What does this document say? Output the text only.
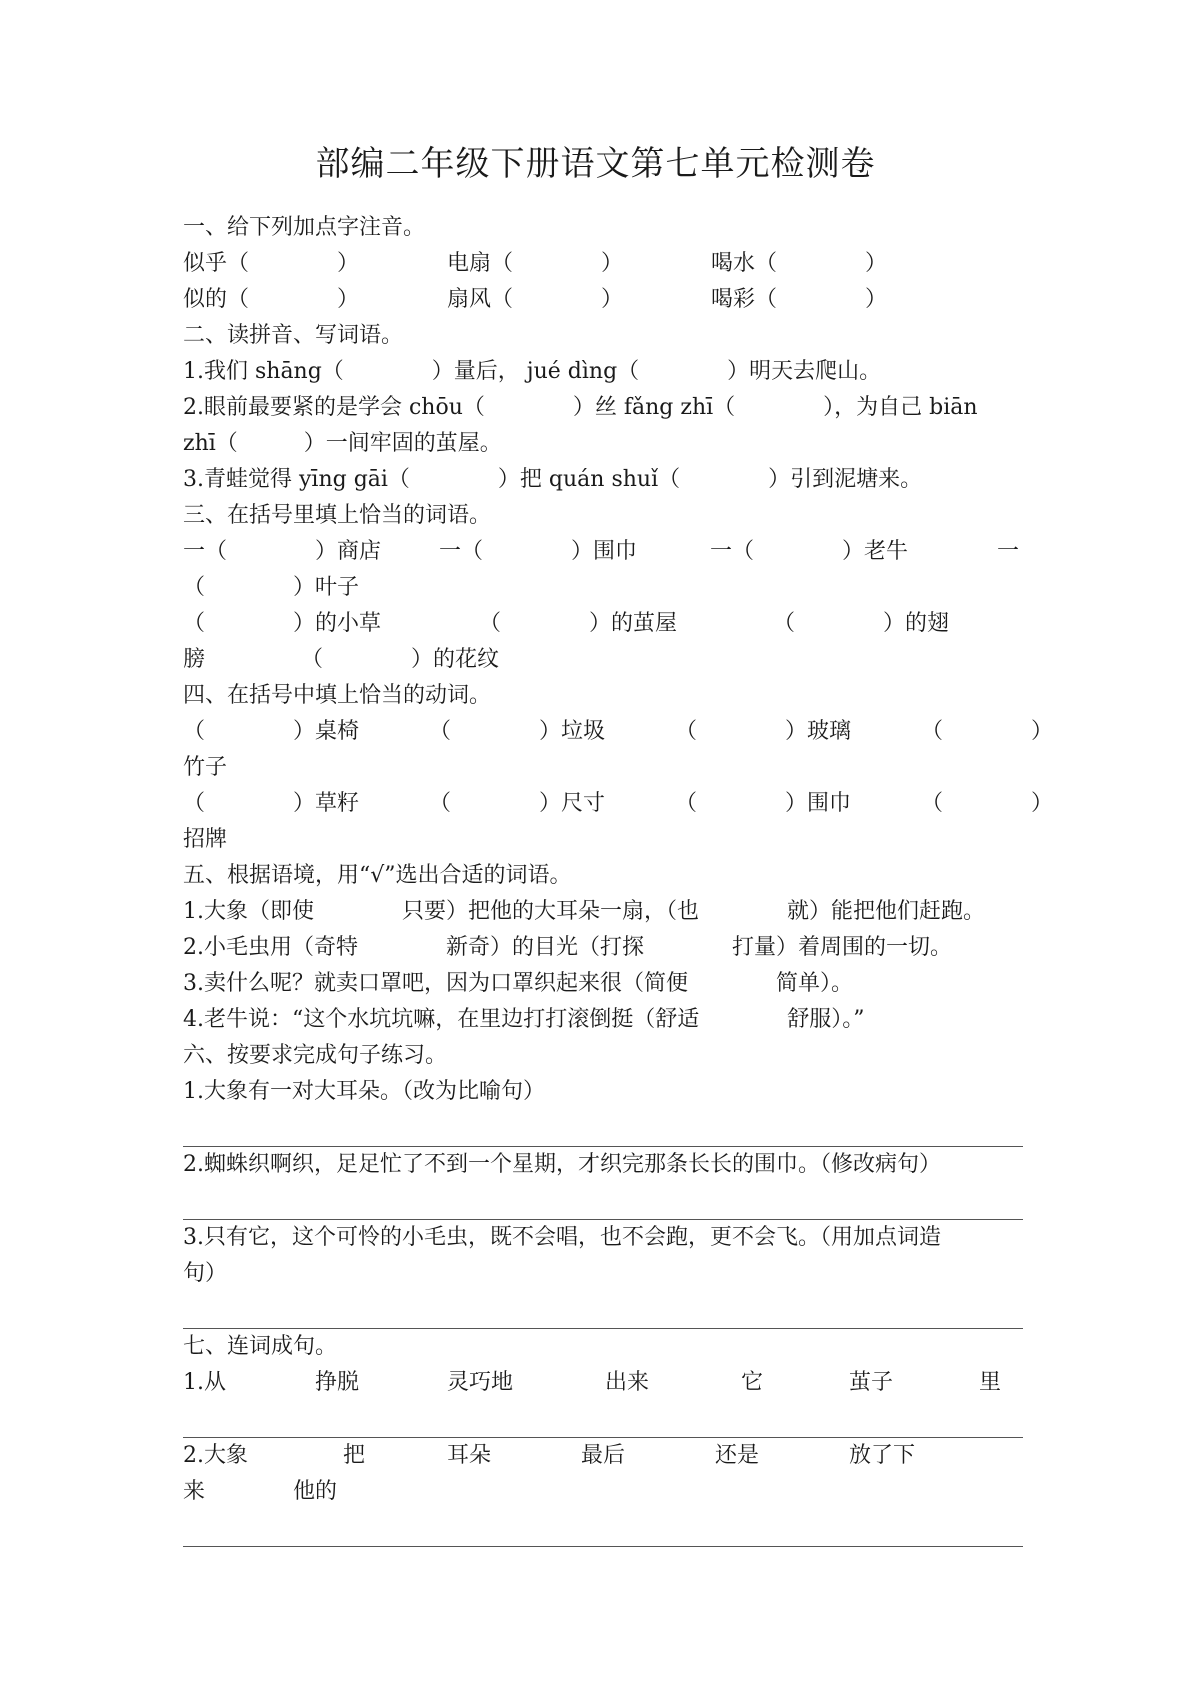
部编二年级下册语文第七单元检测卷
一、给下列加点字注音。
似乎（　　　　）	电扇（　　　　）	喝水（　　　　）
似的（　　　　）	扇风（　　　　）	喝彩（　　　　）
二、读拼音、写词语。
1.我们 shāng（　　　　）量后， jué dìng（　　　　）明天去爬山。
2.眼前最要紧的是学会 chōu（　　　　）丝 fǎng zhī（　　　　），为自己 biān
zhī（　　　）一间牢固的茧屋。
3.青蛙觉得 yīng gāi（　　　　）把 quán shuǐ（　　　　）引到泥塘来。
三、在括号里填上恰当的词语。
一（　　　　）商店	一（　　　　）围巾	一（　　　　）老牛	一
（　　　　）叶子
（　　　　）的小草	（　　　　）的茧屋	（　　　　）的翅
膀	（　　　　）的花纹
四、在括号中填上恰当的动词。
（　　　　）桌椅	（　　　　）垃圾	（　　　　）玻璃	（　　　　）
竹子
（　　　　）草籽	（　　　　）尺寸	（　　　　）围巾	（　　　　）
招牌
五、根据语境，用“√”选出合适的词语。
1.大象（即使　　　　只要）把他的大耳朵一扇，（也　　　　就）能把他们赶跑。
2.小毛虫用（奇特　　　　新奇）的目光（打探　　　　打量）着周围的一切。
3.卖什么呢？就卖口罩吧，因为口罩织起来很（简便　　　　简单）。
4.老牛说：“这个水坑坑嘛，在里边打打滚倒挺（舒适　　　　舒服）。”
六、按要求完成句子练习。
1.大象有一对大耳朵。（改为比喻句）
2.蜘蛛织啊织，足足忙了不到一个星期，才织完那条长长的围巾。（修改病句）
3.只有它，这个可怜的小毛虫，既不会唱，也不会跑，更不会飞。（用加点词造
句）
七、连词成句。
1.从	挣脱	灵巧地	出来	它	茧子	里
2.大象	把	耳朵	最后	还是	放了下
来	他的
